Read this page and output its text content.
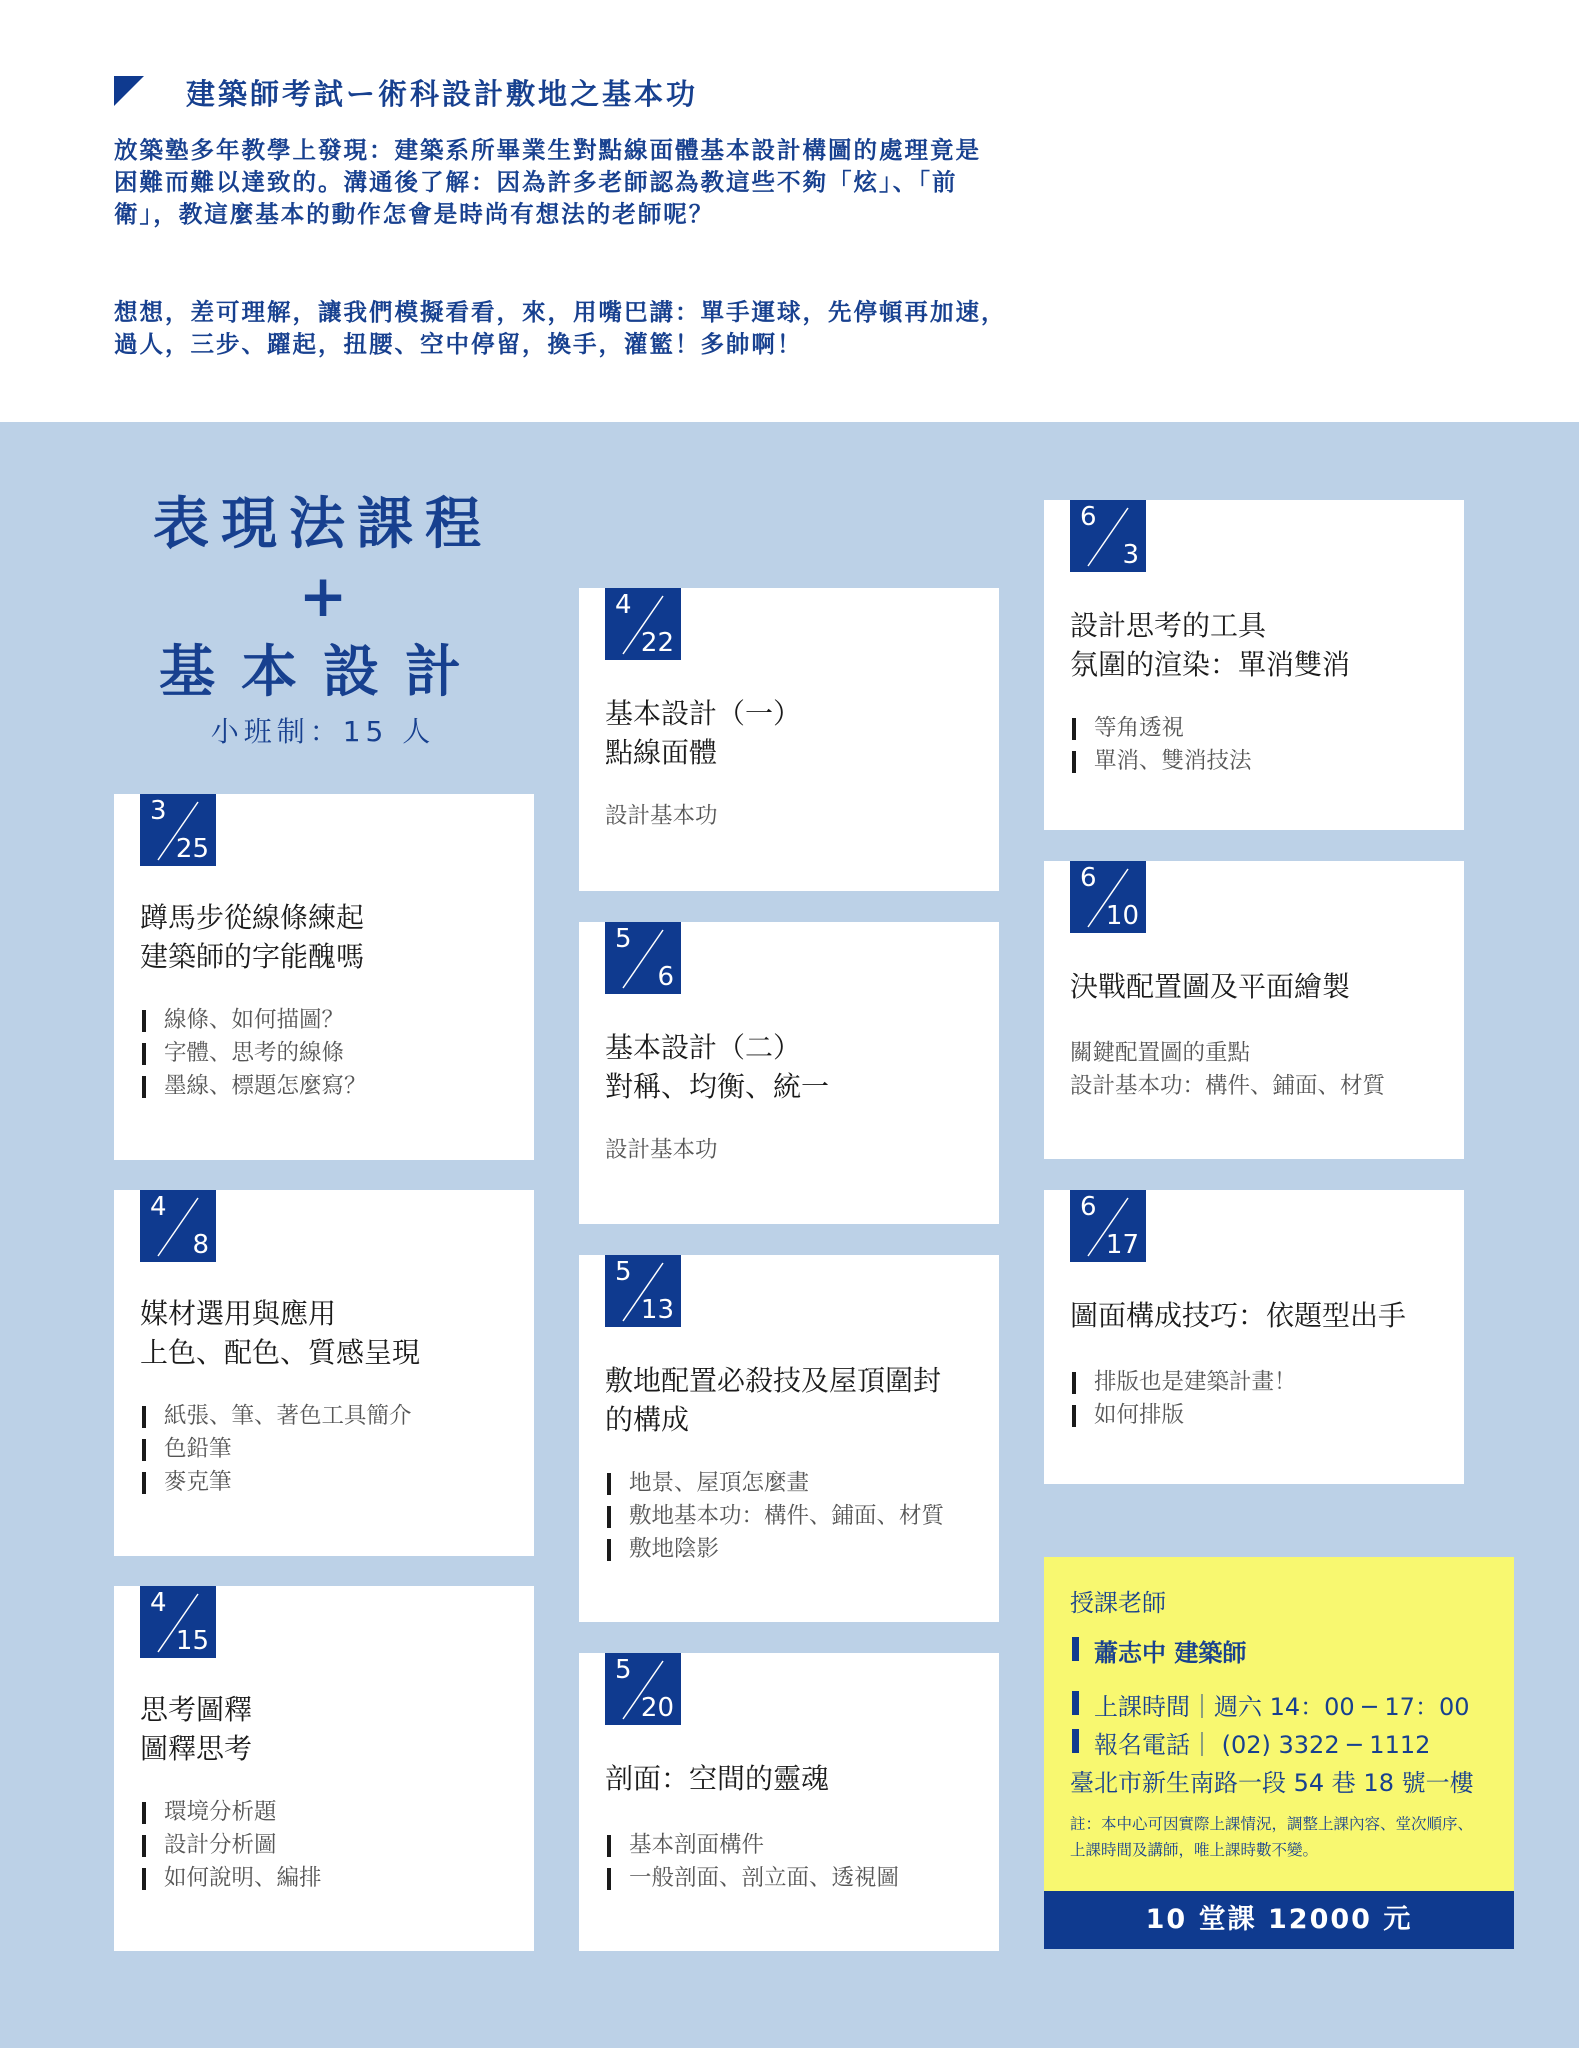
建築師考試ー術科設計敷地之基本功

放築塾多年教學上發現：建築系所畢業生對點線面體基本設計構圖的處理竟是
困難而難以達致的。溝通後了解：因為許多老師認為教這些不夠「炫」、「前
衛」，教這麼基本的動作怎會是時尚有想法的老師呢？

想想，差可理解，讓我們模擬看看，來，用嘴巴講：單手運球，先停頓再加速，
過人，三步、躍起，扭腰、空中停留，換手，灌籃！多帥啊！

表現法課程
+
基本設計
小班制：15 人
3
25
蹲馬步從線條練起
建築師的字能醜嗎
線條、如何描圖？
字體、思考的線條
墨線、標題怎麼寫？
4
8
媒材選用與應用
上色、配色、質感呈現
紙張、筆、著色工具簡介
色鉛筆
麥克筆
4
15
思考圖釋
圖釋思考
環境分析題
設計分析圖
如何說明、編排
4
22
基本設計（一）
點線面體
設計基本功
5
6
基本設計（二）
對稱、均衡、統一
設計基本功
5
13
敷地配置必殺技及屋頂圍封
的構成
地景、屋頂怎麼畫
敷地基本功：構件、鋪面、材質
敷地陰影
5
20
剖面：空間的靈魂
基本剖面構件
一般剖面、剖立面、透視圖
6
3
設計思考的工具
氛圍的渲染：單消雙消
等角透視
單消、雙消技法
6
10
決戰配置圖及平面繪製
關鍵配置圖的重點
設計基本功：構件、鋪面、材質
6
17
圖面構成技巧：依題型出手
排版也是建築計畫！
如何排版
授課老師
蕭志中 建築師
上課時間｜週六 14：00 ─ 17：00
報名電話｜ (02) 3322 ─ 1112
臺北市新生南路一段 54 巷 18 號一樓
註：本中心可因實際上課情況，調整上課內容、堂次順序、
上課時間及講師，唯上課時數不變。
10 堂課 12000 元
